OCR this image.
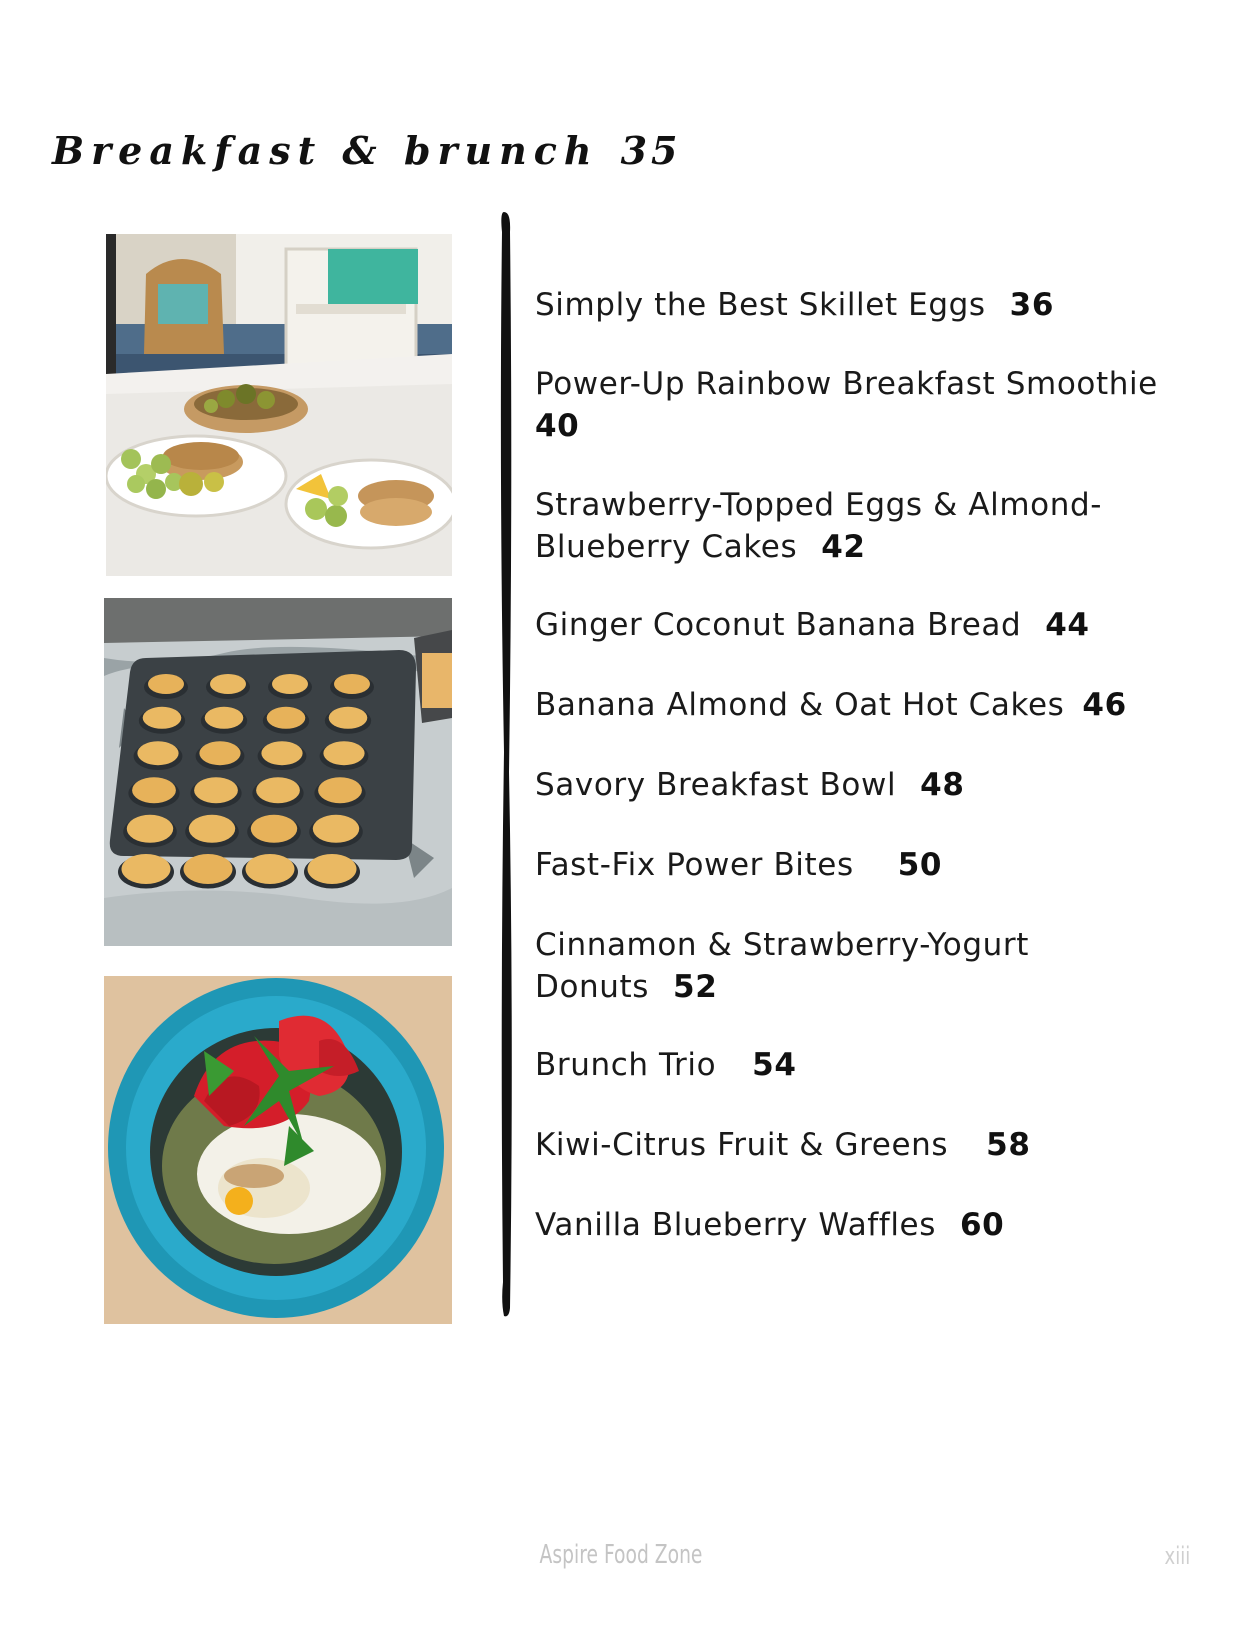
Breakfast & brunch 35
Simply the Best Skillet Eggs 36
Power-Up Rainbow Breakfast Smoothie
40
Strawberry-Topped Eggs & Almond-Blueberry Cakes 42
Ginger Coconut Banana Bread 44
Banana Almond & Oat Hot Cakes 46
Savory Breakfast Bowl 48
Fast-Fix Power Bites 50
Cinnamon & Strawberry-Yogurt Donuts 52
Brunch Trio 54
Kiwi-Citrus Fruit & Greens 58
Vanilla Blueberry Waffles 60
Aspire Food Zone	xiii
